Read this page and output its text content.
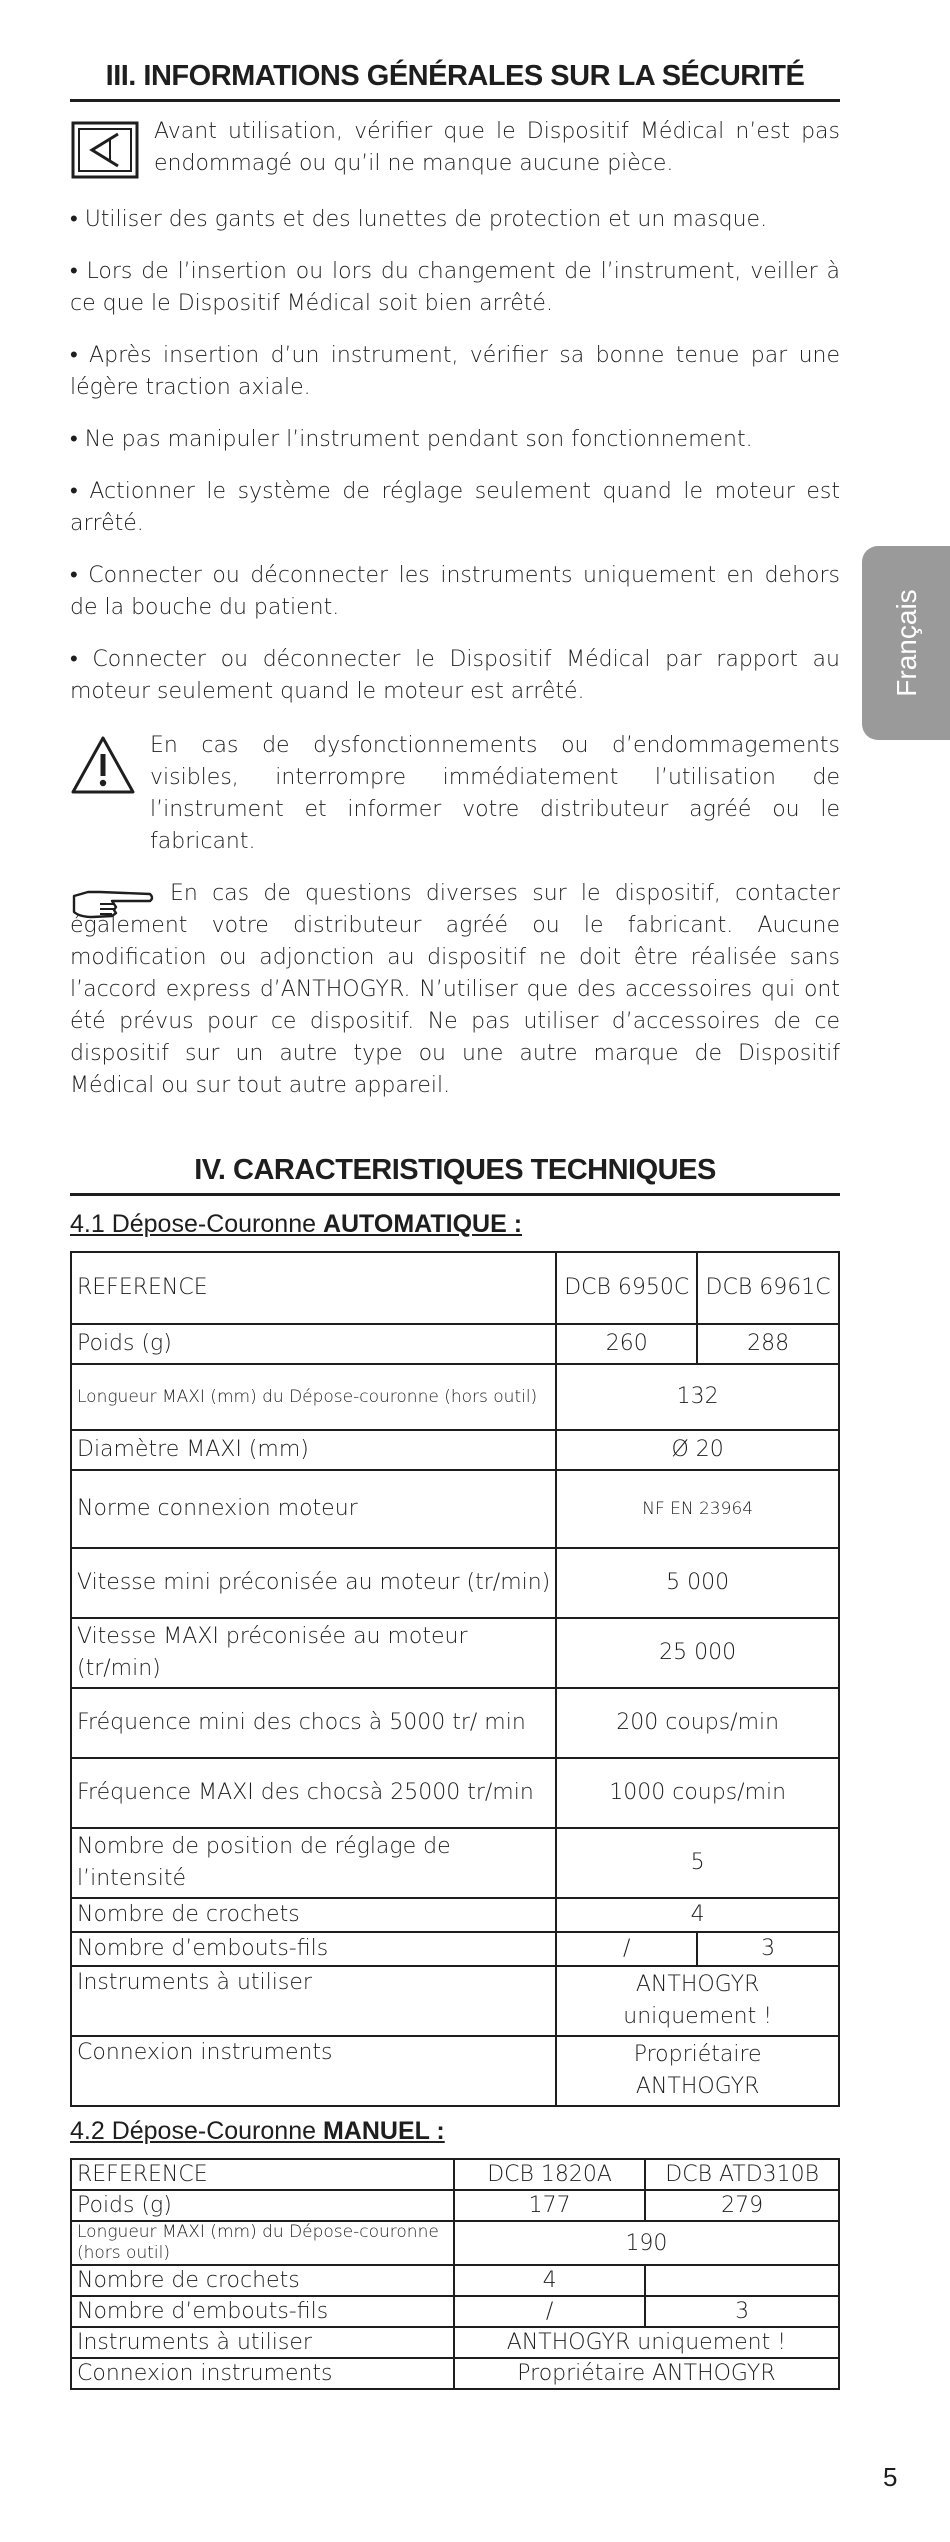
Français
III. INFORMATIONS GÉNÉRALES SUR LA SÉCURITÉ

Avant utilisation, vérifier que le Dispositif Médical n’est pas endommagé ou qu’il ne manque aucune pièce.

• Utiliser des gants et des lunettes de protection et un masque.

• Lors de l’insertion ou lors du changement de l’instrument, veiller à ce que le Dispositif Médical soit bien arrêté.

• Après insertion d’un instrument, vérifier sa bonne tenue par une légère traction axiale.

• Ne pas manipuler l’instrument pendant son fonctionnement.

• Actionner le système de réglage seulement quand le moteur est arrêté.

• Connecter ou déconnecter les instruments uniquement en dehors de la bouche du patient.

• Connecter ou déconnecter le Dispositif Médical par rapport au moteur seulement quand le moteur est arrêté.

En cas de dysfonctionnements ou d’endommagements visibles, interrompre immédiatement l’utilisation de l’instrument et informer votre distributeur agréé ou le fabricant.

En cas de questions diverses sur le dispositif, contacter également votre distributeur agréé ou le fabricant. Aucune modification ou adjonction au dispositif ne doit être réalisée sans l’accord express d’ANTHOGYR. N’utiliser que des accessoires qui ont été prévus pour ce dispositif. Ne pas utiliser d’accessoires de ce dispositif sur un autre type ou une autre marque de Dispositif Médical ou sur tout autre appareil.

IV. CARACTERISTIQUES TECHNIQUES
4.1 Dépose-Couronne AUTOMATIQUE :
REFERENCE	DCB 6950C	DCB 6961C
Poids (g)	260	288
Longueur MAXI (mm) du Dépose-couronne (hors outil)	132	
Diamètre MAXI (mm)	Ø 20	
Norme connexion moteur	NF EN 23964	
Vitesse mini préconisée au moteur (tr/min)	5 000	
Vitesse MAXI préconisée au moteur (tr/min)	25 000	
Fréquence mini des chocs à 5000 tr/ min	200 coups/min	
Fréquence MAXI des chocsà 25000 tr/min	1000 coups/min	
Nombre de position de réglage de l’intensité	5	
Nombre de crochets	4	
Nombre d’embouts-fils	/	3
Instruments à utiliser	ANTHOGYR uniquement !	
Connexion instruments	Propriétaire ANTHOGYR	
4.2 Dépose-Couronne MANUEL :
REFERENCE	DCB 1820A	DCB ATD310B
Poids (g)	177	279
Longueur MAXI (mm) du Dépose-couronne (hors outil)	190	
Nombre de crochets	4	
Nombre d’embouts-fils	/	3
Instruments à utiliser	ANTHOGYR uniquement !	
Connexion instruments	Propriétaire ANTHOGYR	
5
